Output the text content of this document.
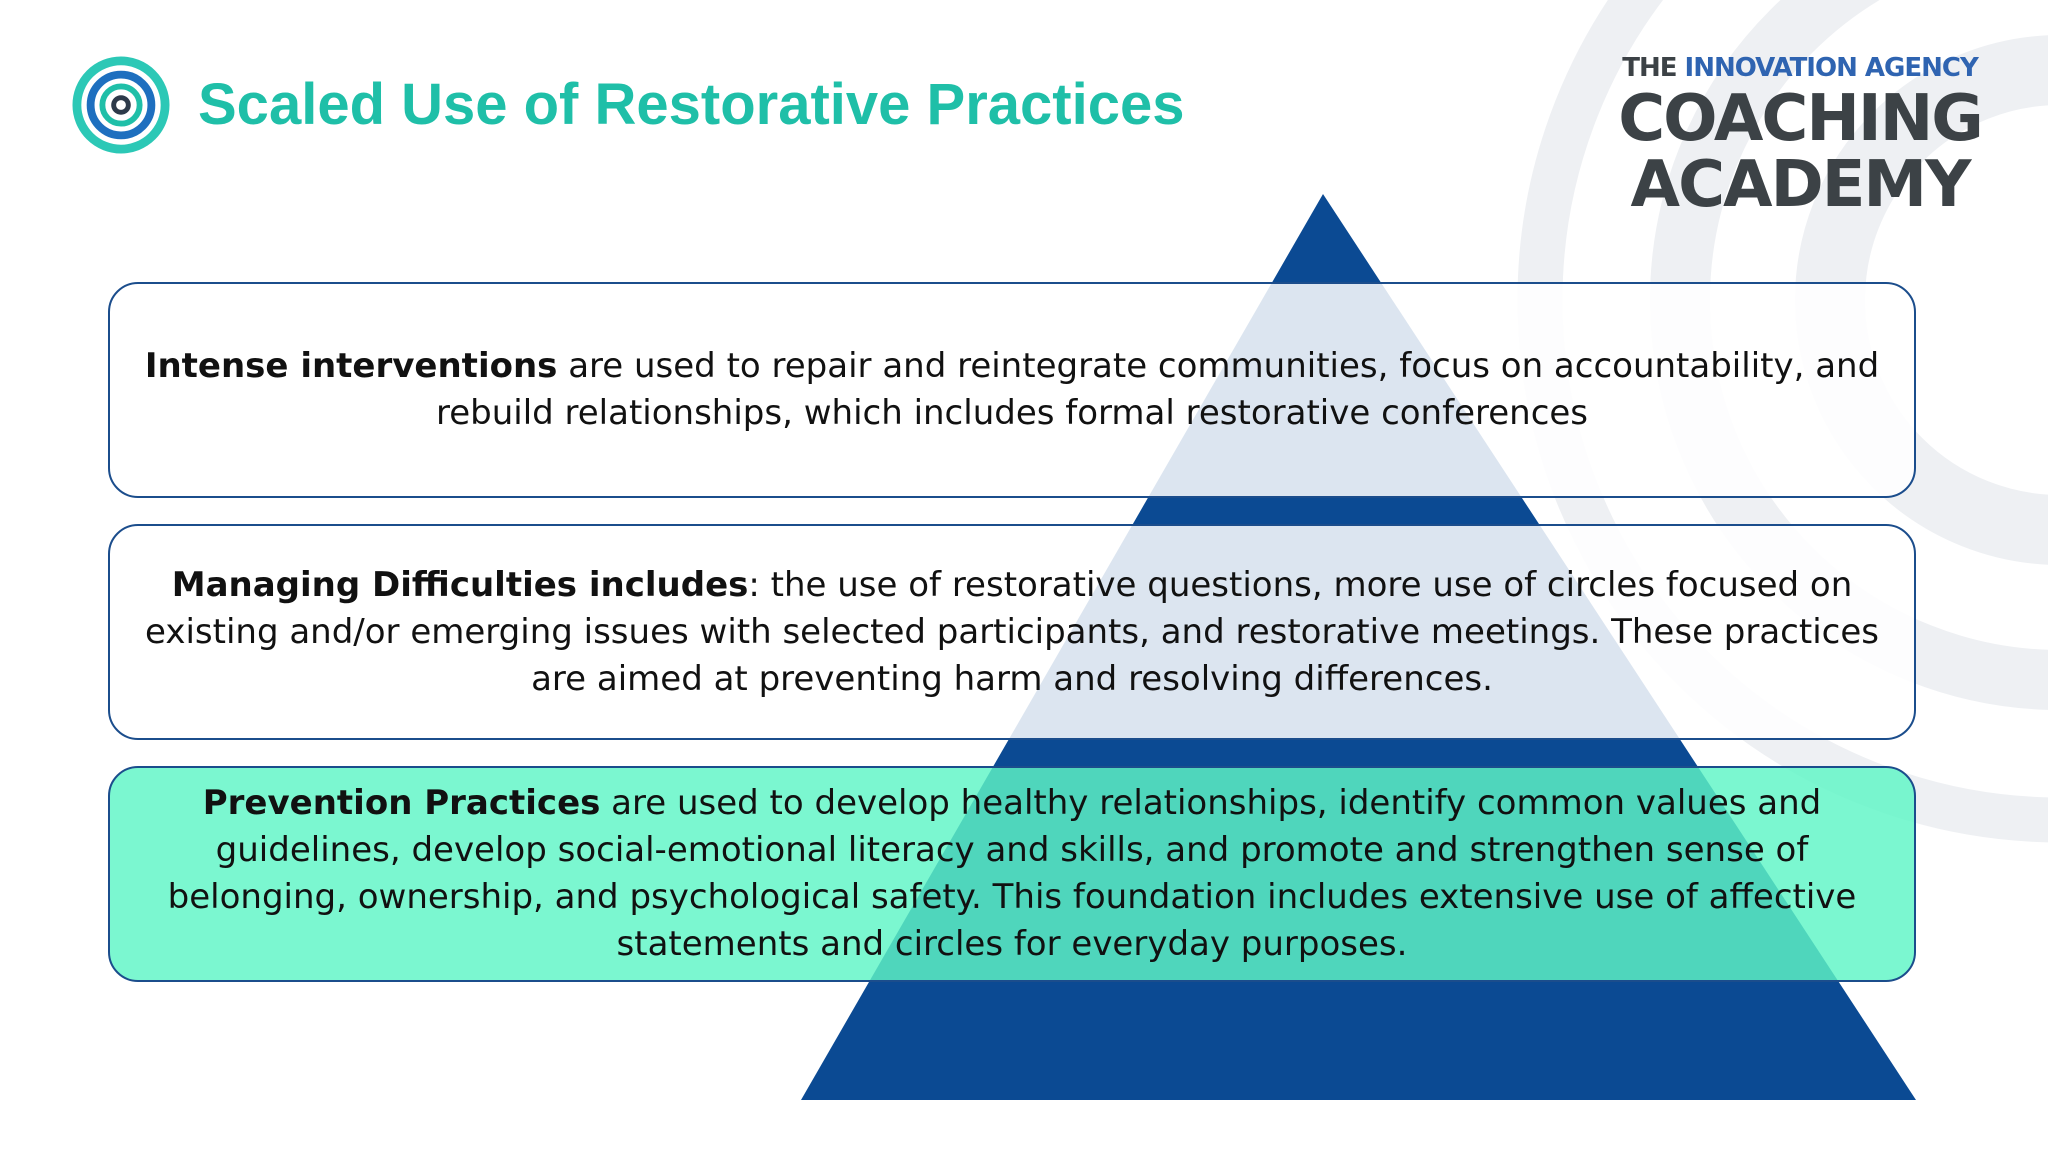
Scaled Use of Restorative Practices
THE INNOVATION AGENCY
COACHING
ACADEMY

Intense interventions are used to repair and reintegrate communities, focus on accountability, and rebuild relationships, which includes formal restorative conferences

Managing Difficulties includes: the use of restorative questions, more use of circles focused on existing and/or emerging issues with selected participants, and restorative meetings. These practices are aimed at preventing harm and resolving differences.

Prevention Practices are used to develop healthy relationships, identify common values and guidelines, develop social-emotional literacy and skills, and promote and strengthen sense of belonging, ownership, and psychological safety. This foundation includes extensive use of affective statements and circles for everyday purposes.
